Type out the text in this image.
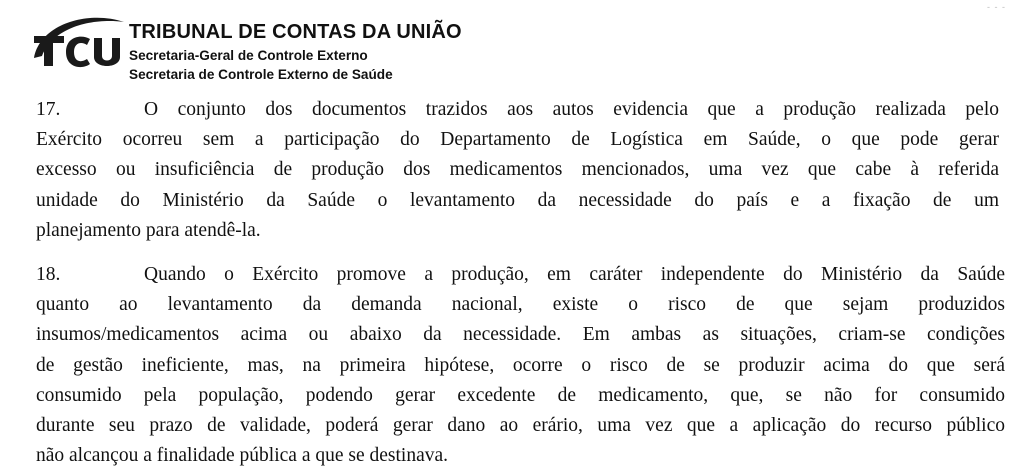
- - -
TRIBUNAL DE CONTAS DA UNIÃO
Secretaria-Geral de Controle Externo
Secretaria de Controle Externo de Saúde
17.	O conjunto dos documentos trazidos aos autos evidencia que a produção realizada pelo
Exército ocorreu sem a participação do Departamento de Logística em Saúde, o que pode gerar
excesso ou insuficiência de produção dos medicamentos mencionados, uma vez que cabe à referida
unidade do Ministério da Saúde o levantamento da necessidade do país e a fixação de um
planejamento para atendê-la.
18.	Quando o Exército promove a produção, em caráter independente do Ministério da Saúde
quanto ao levantamento da demanda nacional, existe o risco de que sejam produzidos
insumos/medicamentos acima ou abaixo da necessidade. Em ambas as situações, criam-se condições
de gestão ineficiente, mas, na primeira hipótese, ocorre o risco de se produzir acima do que será
consumido pela população, podendo gerar excedente de medicamento, que, se não for consumido
durante seu prazo de validade, poderá gerar dano ao erário, uma vez que a aplicação do recurso público
não alcançou a finalidade pública a que se destinava.
